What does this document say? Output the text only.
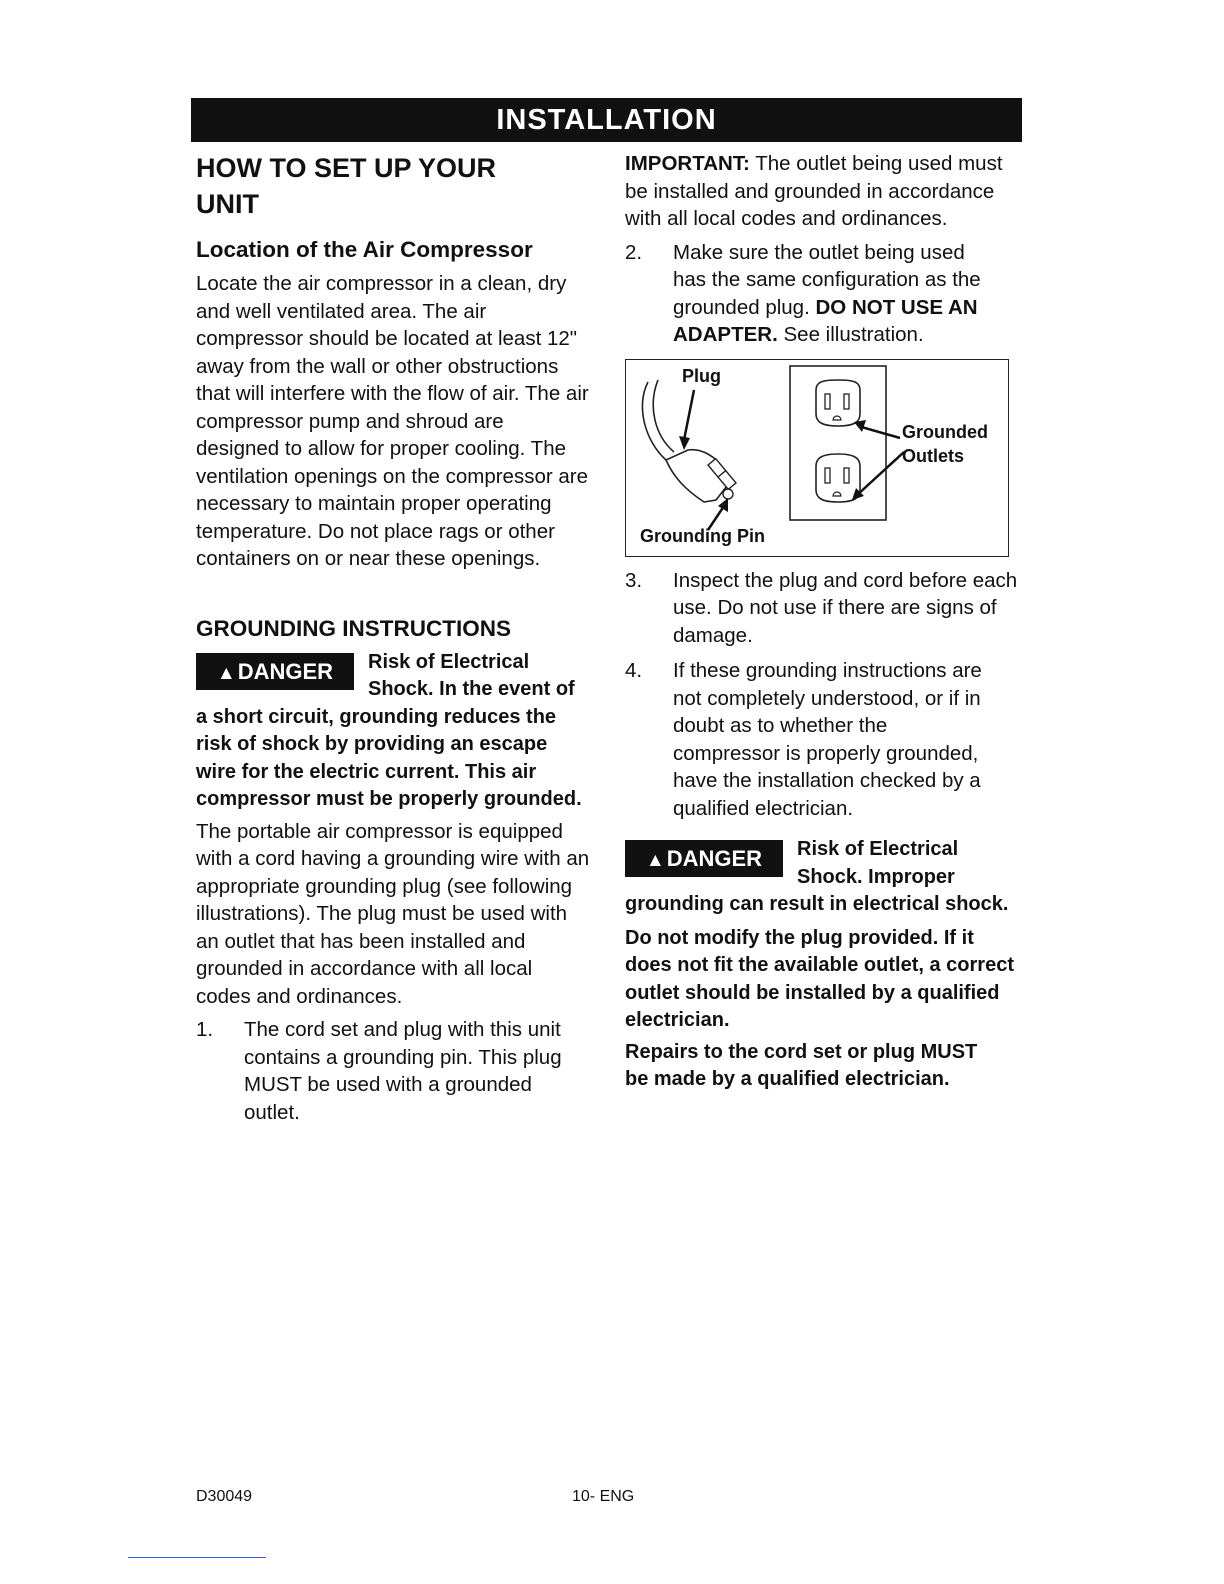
INSTALLATION

HOW TO SET UP YOUR UNIT

Location of the Air Compressor

Locate the air compressor in a clean, dry and well ventilated area. The air compressor should be located at least 12" away from the wall or other obstructions that will interfere with the flow of air. The air compressor pump and shroud are designed to allow for proper cooling. The ventilation openings on the compressor are necessary to maintain proper operating temperature. Do not place rags or other containers on or near these openings.

GROUNDING INSTRUCTIONS

▲DANGER	Risk of Electrical Shock. In the event of a short circuit, grounding reduces the risk of shock by providing an escape wire for the electric current. This air compressor must be properly grounded.

The portable air compressor is equipped with a cord having a grounding wire with an appropriate grounding plug (see following illustrations). The plug must be used with an outlet that has been installed and grounded in accordance with all local codes and ordinances.

1.	The cord set and plug with this unit contains a grounding pin. This plug MUST be used with a grounded outlet.

IMPORTANT: The outlet being used must be installed and grounded in accordance with all local codes and ordinances.

2.	Make sure the outlet being used has the same configuration as the grounded plug. DO NOT USE AN ADAPTER. See illustration.
Plug
Grounding Pin
Grounded
Outlets
3.	Inspect the plug and cord before each use. Do not use if there are signs of damage.
4.	If these grounding instructions are not completely understood, or if in doubt as to whether the compressor is properly grounded, have the installation checked by a qualified electrician.
▲DANGER	Risk of Electrical Shock. Improper grounding can result in electrical shock.

Do not modify the plug provided. If it does not fit the available outlet, a correct outlet should be installed by a qualified electrician.

Repairs to the cord set or plug MUST be made by a qualified electrician.

D30049	10- ENG
